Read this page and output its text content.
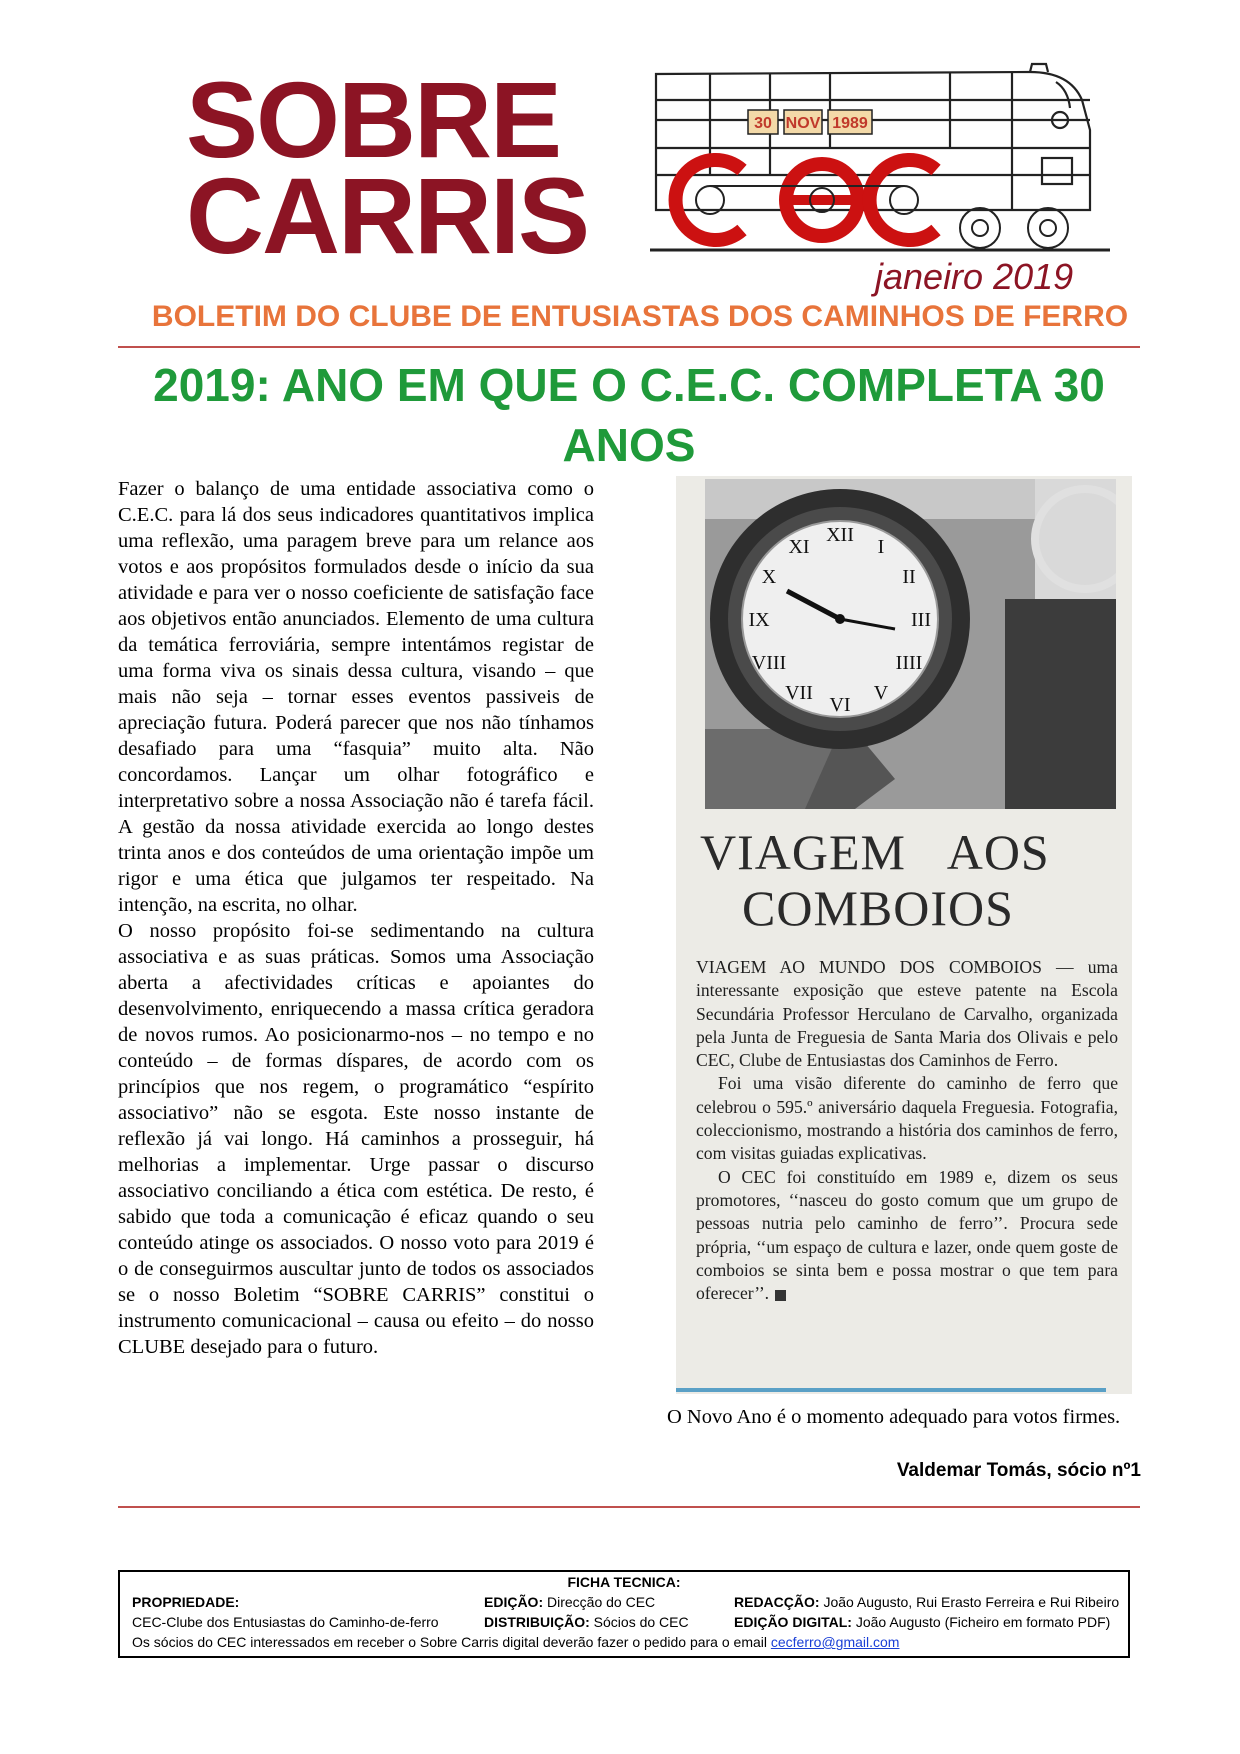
SOBRE
CARRIS
30 NOV 1989
janeiro 2019
BOLETIM DO CLUBE DE ENTUSIASTAS DOS CAMINHOS DE FERRO
2019: ANO EM QUE O C.E.C. COMPLETA 30
ANOS

Fazer o balanço de uma entidade associativa como o C.E.C. para lá dos seus indicadores quantitativos implica uma reflexão, uma paragem breve para um relance aos votos e aos propósitos formulados desde o início da sua atividade e para ver o nosso coeficiente de satisfação face aos objetivos então anunciados. Elemento de uma cultura da temática ferroviária, sempre intentámos registar de uma forma viva os sinais dessa cultura, visando – que mais não seja – tornar esses eventos passiveis de apreciação futura. Poderá parecer que nos não tínhamos desafiado para uma “fasquia” muito alta. Não concordamos. Lançar um olhar fotográfico e interpretativo sobre a nossa Associação não é tarefa fácil. A gestão da nossa atividade exercida ao longo destes trinta anos e dos conteúdos de uma orientação impõe um rigor e uma ética que julgamos ter respeitado. Na intenção, na escrita, no olhar.

O nosso propósito foi-se sedimentando na cultura associativa e as suas práticas. Somos uma Associação aberta a afectividades críticas e apoiantes do desenvolvimento, enriquecendo a massa crítica geradora de novos rumos. Ao posicionarmo-nos – no tempo e no conteúdo – de formas díspares, de acordo com os princípios que nos regem, o programático “espírito associativo” não se esgota. Este nosso instante de reflexão já vai longo. Há caminhos a prosseguir, há melhorias a implementar. Urge passar o discurso associativo conciliando a ética com estética. De resto, é sabido que toda a comunicação é eficaz quando o seu conteúdo atinge os associados. O nosso voto para 2019 é o de conseguirmos auscultar junto de todos os associados se o nosso Boletim “SOBRE CARRIS” constitui o instrumento comunicacional – causa ou efeito – do nosso CLUBE desejado para o futuro.

XII
I
II
III
IIII
V
VI
VII
VIII
IX
X
XI
VIAGEM AOS
COMBOIOS

VIAGEM AO MUNDO DOS COMBOIOS — uma interessante exposição que esteve patente na Escola Secundária Professor Herculano de Carvalho, organizada pela Junta de Freguesia de Santa Maria dos Olivais e pelo CEC, Clube de Entusiastas dos Caminhos de Ferro.

Foi uma visão diferente do caminho de ferro que celebrou o 595.º aniversário daquela Freguesia. Fotografia, coleccionismo, mostrando a história dos caminhos de ferro, com visitas guiadas explicativas.

O CEC foi constituído em 1989 e, dizem os seus promotores, ‘‘nasceu do gosto comum que um grupo de pessoas nutria pelo caminho de ferro’’. Procura sede própria, ‘‘um espaço de cultura e lazer, onde quem goste de comboios se sinta bem e possa mostrar o que tem para oferecer’’.

O Novo Ano é o momento adequado para votos firmes.
Valdemar Tomás, sócio nº1
FICHA TECNICA:
PROPRIEDADE:
CEC-Clube dos Entusiastas do Caminho-de-ferro
EDIÇÃO: Direcção do CEC
DISTRIBUIÇÃO: Sócios do CEC
REDACÇÃO: João Augusto, Rui Erasto Ferreira e Rui Ribeiro
EDIÇÃO DIGITAL: João Augusto (Ficheiro em formato PDF)
Os sócios do CEC interessados em receber o Sobre Carris digital deverão fazer o pedido para o email cecferro@gmail.com
